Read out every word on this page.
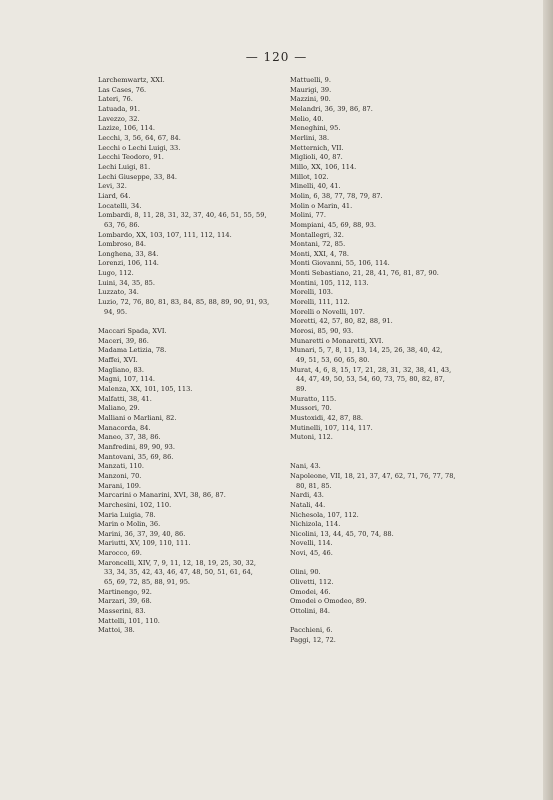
— 120 —
Larchemwartz, XXI.
Las Cases, 76.
Lateri, 76.
Latuada, 91.
Lavezzo, 32.
Lazize, 106, 114.
Lecchi, 3, 56, 64, 67, 84.
Lecchi o Lechi Luigi, 33.
Lecchi Teodoro, 91.
Lechi Luigi, 81.
Lechi Giuseppe, 33, 84.
Levi, 32.
Liard, 64.
Locatelli, 34.
Lombardi, 8, 11, 28, 31, 32, 37, 40, 46, 51, 55, 59,
63, 76, 86.
Lombardo, XX, 103, 107, 111, 112, 114.
Lombroso, 84.
Longhena, 33, 84.
Lorenzi, 106, 114.
Lugo, 112.
Luini, 34, 35, 85.
Luzzato, 34.
Luzio, 72, 76, 80, 81, 83, 84, 85, 88, 89, 90, 91, 93,
94, 95.
Maccari Spada, XVI.
Maceri, 39, 86.
Madama Letizia, 78.
Maffei, XVI.
Magliano, 83.
Magni, 107, 114.
Malenza, XX, 101, 105, 113.
Malfatti, 38, 41.
Maliano, 29.
Malliani o Marliani, 82.
Manacorda, 84.
Maneo, 37, 38, 86.
Manfredini, 89, 90, 93.
Mantovani, 35, 69, 86.
Manzati, 110.
Manzoni, 70.
Marani, 109.
Marcarini o Manarini, XVI, 38, 86, 87.
Marchesini, 102, 110.
Maria Luigia, 78.
Marin o Molin, 36.
Marini, 36, 37, 39, 40, 86.
Mariutti, XV, 109, 110, 111.
Marocco, 69.
Maroncelli, XIV, 7, 9, 11, 12, 18, 19, 25, 30, 32,
33, 34, 35, 42, 43, 46, 47, 48, 50, 51, 61, 64,
65, 69, 72, 85, 88, 91, 95.
Martinengo, 92.
Marzari, 39, 68.
Masserini, 83.
Mattelli, 101, 110.
Mattoi, 38.
Mattuelli, 9.
Maurigi, 39.
Mazzini, 90.
Melandri, 36, 39, 86, 87.
Melio, 40.
Meneghini, 95.
Merlini, 38.
Metternich, VII.
Miglioli, 40, 87.
Millo, XX, 106, 114.
Millot, 102.
Minelli, 40, 41.
Molin, 6, 38, 77, 78, 79, 87.
Molin o Marin, 41.
Molini, 77.
Mompiani, 45, 69, 88, 93.
Montallegri, 32.
Montani, 72, 85.
Monti, XXI, 4, 78.
Monti Giovanni, 55, 106, 114.
Monti Sebastiano, 21, 28, 41, 76, 81, 87, 90.
Montini, 105, 112, 113.
Morelli, 103.
Morelli, 111, 112.
Morelli o Novelli, 107.
Moretti, 42, 57, 80, 82, 88, 91.
Morosi, 85, 90, 93.
Munaretti o Monaretti, XVI.
Munari, 5, 7, 8, 11, 13, 14, 25, 26, 38, 40, 42,
49, 51, 53, 60, 65, 80.
Murat, 4, 6, 8, 15, 17, 21, 28, 31, 32, 38, 41, 43,
44, 47, 49, 50, 53, 54, 60, 73, 75, 80, 82, 87,
89.
Muratto, 115.
Mussori, 70.
Mustoxidi, 42, 87, 88.
Mutinelli, 107, 114, 117.
Mutoni, 112.
Nani, 43.
Napoleone, VII, 18, 21, 37, 47, 62, 71, 76, 77, 78,
80, 81, 85.
Nardi, 43.
Natali, 44.
Nichesola, 107, 112.
Nichizola, 114.
Nicolini, 13, 44, 45, 70, 74, 88.
Novelli, 114.
Novi, 45, 46.
Olini, 90.
Olivetti, 112.
Omodei, 46.
Omodei o Omodeo, 89.
Ottolini, 84.
Pacchieni, 6.
Paggi, 12, 72.
